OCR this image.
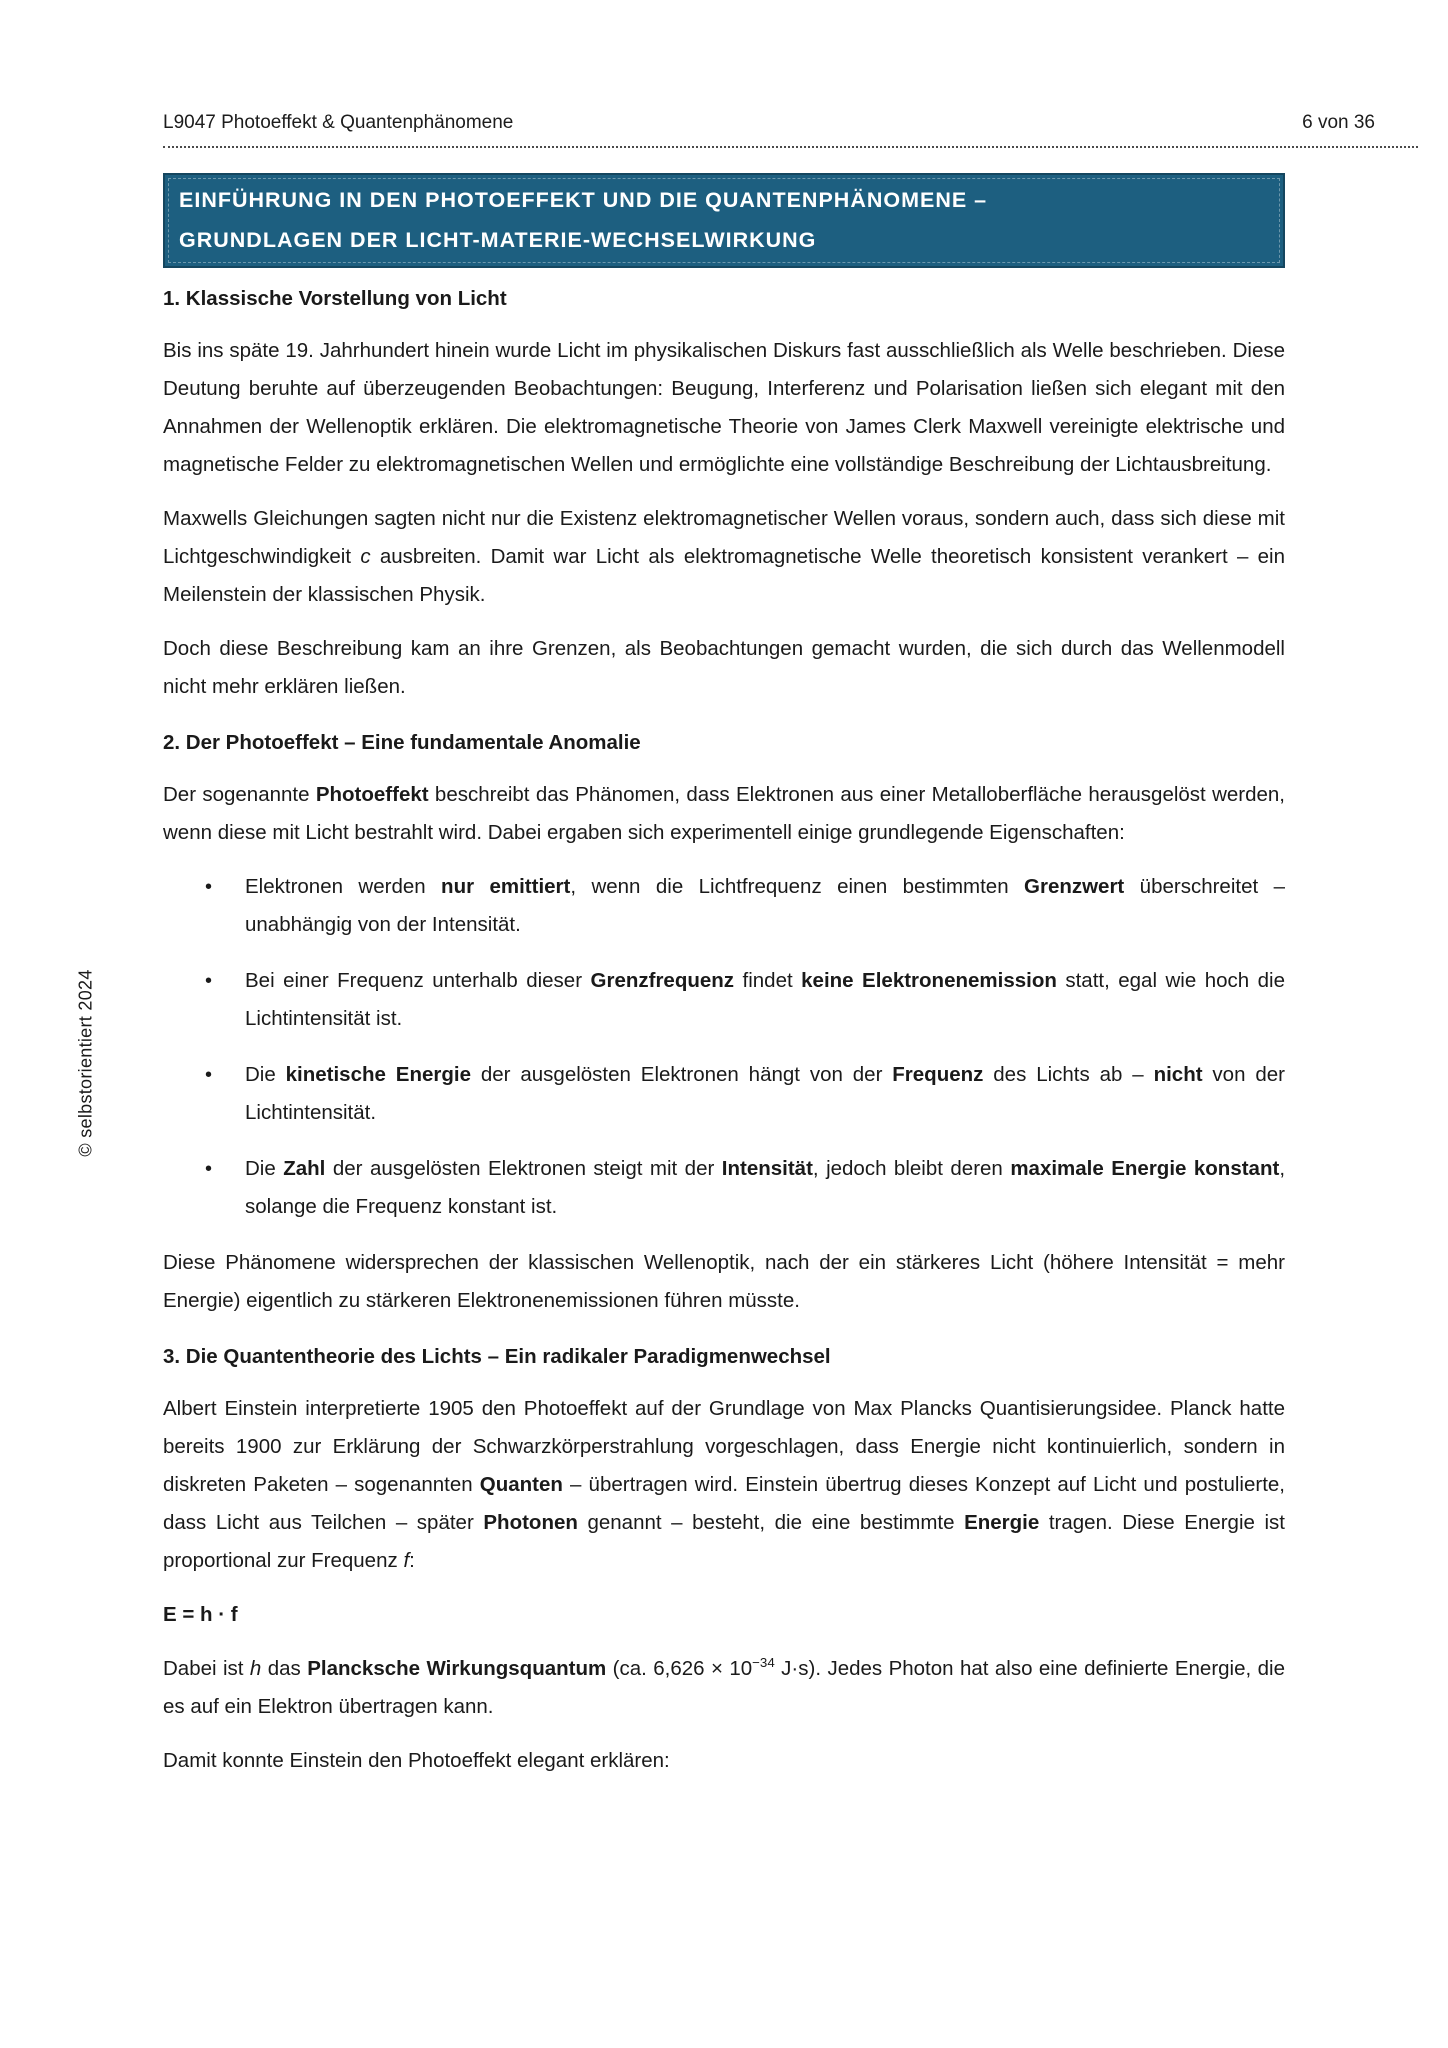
L9047 Photoeffekt & Quantenphänomene	6 von 36
© selbstorientiert 2024
EINFÜHRUNG IN DEN PHOTOEFFEKT UND DIE QUANTENPHÄNOMENE –
GRUNDLAGEN DER LICHT-MATERIE-WECHSELWIRKUNG
1. Klassische Vorstellung von Licht
Bis ins späte 19. Jahrhundert hinein wurde Licht im physikalischen Diskurs fast ausschließlich als Welle beschrieben. Diese Deutung beruhte auf überzeugenden Beobachtungen: Beugung, Interferenz und Polarisation ließen sich elegant mit den Annahmen der Wellenoptik erklären. Die elektromagnetische Theorie von James Clerk Maxwell vereinigte elektrische und magnetische Felder zu elektromagnetischen Wellen und ermöglichte eine vollständige Beschreibung der Lichtausbreitung.
Maxwells Gleichungen sagten nicht nur die Existenz elektromagnetischer Wellen voraus, sondern auch, dass sich diese mit Lichtgeschwindigkeit c ausbreiten. Damit war Licht als elektromagnetische Welle theoretisch konsistent verankert – ein Meilenstein der klassischen Physik.
Doch diese Beschreibung kam an ihre Grenzen, als Beobachtungen gemacht wurden, die sich durch das Wellenmodell nicht mehr erklären ließen.
2. Der Photoeffekt – Eine fundamentale Anomalie
Der sogenannte Photoeffekt beschreibt das Phänomen, dass Elektronen aus einer Metalloberfläche herausgelöst werden, wenn diese mit Licht bestrahlt wird. Dabei ergaben sich experimentell einige grundlegende Eigenschaften:
•	Elektronen werden nur emittiert, wenn die Lichtfrequenz einen bestimmten Grenzwert überschreitet – unabhängig von der Intensität.
•	Bei einer Frequenz unterhalb dieser Grenzfrequenz findet keine Elektronenemission statt, egal wie hoch die Lichtintensität ist.
•	Die kinetische Energie der ausgelösten Elektronen hängt von der Frequenz des Lichts ab – nicht von der Lichtintensität.
•	Die Zahl der ausgelösten Elektronen steigt mit der Intensität, jedoch bleibt deren maximale Energie konstant, solange die Frequenz konstant ist.
Diese Phänomene widersprechen der klassischen Wellenoptik, nach der ein stärkeres Licht (höhere Intensität = mehr Energie) eigentlich zu stärkeren Elektronenemissionen führen müsste.
3. Die Quantentheorie des Lichts – Ein radikaler Paradigmenwechsel
Albert Einstein interpretierte 1905 den Photoeffekt auf der Grundlage von Max Plancks Quantisierungsidee. Planck hatte bereits 1900 zur Erklärung der Schwarzkörperstrahlung vorgeschlagen, dass Energie nicht kontinuierlich, sondern in diskreten Paketen – sogenannten Quanten – übertragen wird. Einstein übertrug dieses Konzept auf Licht und postulierte, dass Licht aus Teilchen – später Photonen genannt – besteht, die eine bestimmte Energie tragen. Diese Energie ist proportional zur Frequenz f:
E = h · f
Dabei ist h das Plancksche Wirkungsquantum (ca. $6,626 \times 10^{-34}$ J·s). Jedes Photon hat also eine definierte Energie, die es auf ein Elektron übertragen kann.
Damit konnte Einstein den Photoeffekt elegant erklären:
